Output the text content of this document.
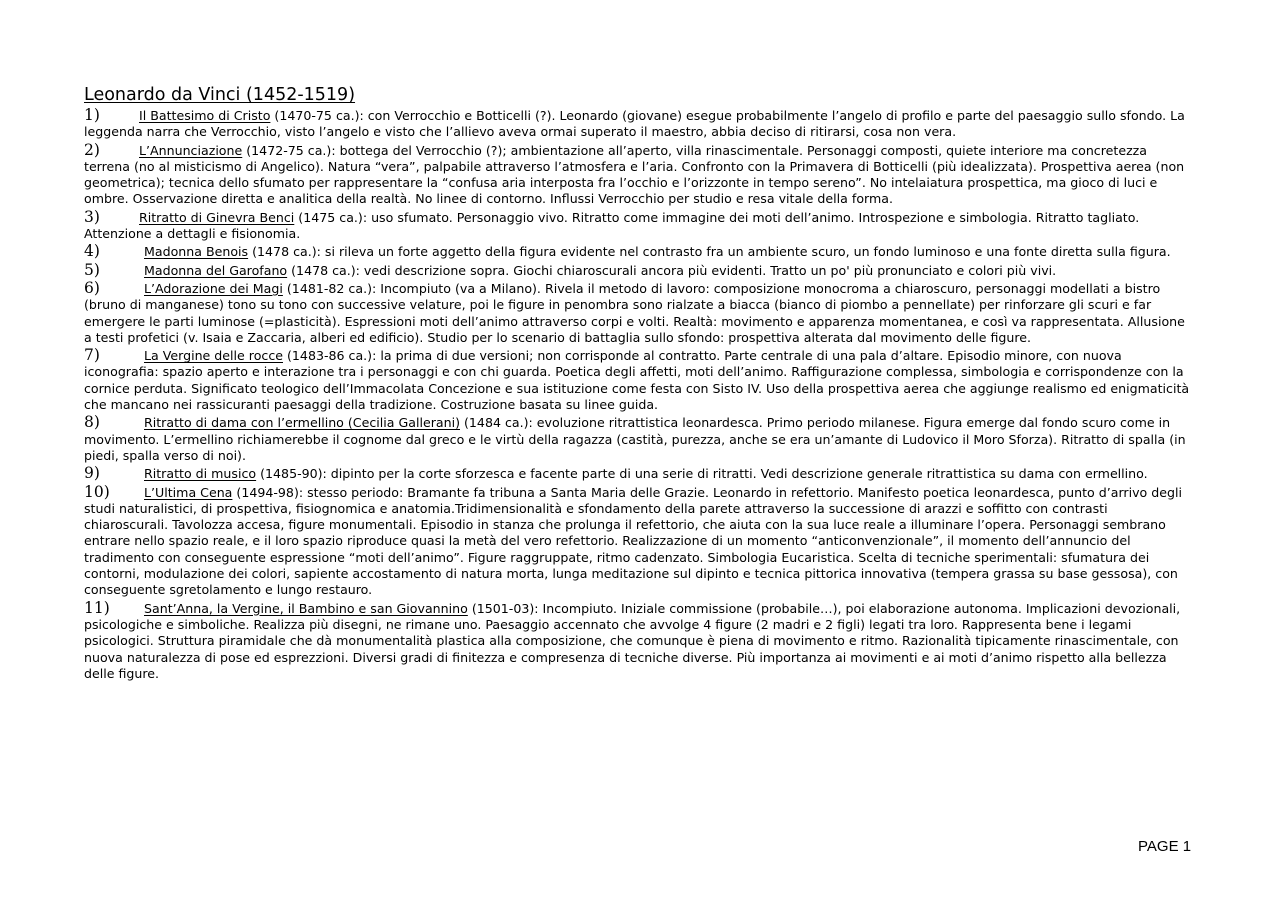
Leonardo da Vinci (1452-1519)

1)	Il Battesimo di Cristo (1470-75 ca.): con Verrocchio e Botticelli (?). Leonardo (giovane) esegue probabilmente l’angelo di profilo e parte del paesaggio sullo sfondo. La leggenda narra che Verrocchio, visto l’angelo e visto che l’allievo aveva ormai superato il maestro, abbia deciso di ritirarsi, cosa non vera.

2)	L’Annunciazione (1472-75 ca.): bottega del Verrocchio (?); ambientazione all’aperto, villa rinascimentale. Personaggi composti, quiete interiore ma concretezza terrena (no al misticismo di Angelico). Natura “vera”, palpabile attraverso l’atmosfera e l’aria. Confronto con la Primavera di Botticelli (più idealizzata). Prospettiva aerea (non geometrica); tecnica dello sfumato per rappresentare la “confusa aria interposta fra l’occhio e l’orizzonte in tempo sereno”. No intelaiatura prospettica, ma gioco di luci e ombre. Osservazione diretta e analitica della realtà. No linee di contorno. Influssi Verrocchio per studio e resa vitale della forma.

3)	Ritratto di Ginevra Benci (1475 ca.): uso sfumato. Personaggio vivo. Ritratto come immagine dei moti dell’animo. Introspezione e simbologia. Ritratto tagliato. Attenzione a dettagli e fisionomia.

4)	Madonna Benois (1478 ca.): si rileva un forte aggetto della figura evidente nel contrasto fra un ambiente scuro, un fondo luminoso e una fonte diretta sulla figura.

5)	Madonna del Garofano (1478 ca.): vedi descrizione sopra. Giochi chiaroscurali ancora più evidenti. Tratto un po' più pronunciato e colori più vivi.

6)	L’Adorazione dei Magi (1481-82 ca.): Incompiuto (va a Milano). Rivela il metodo di lavoro: composizione monocroma a chiaroscuro, personaggi modellati a bistro (bruno di manganese) tono su tono con successive velature, poi le figure in penombra sono rialzate a biacca (bianco di piombo a pennellate) per rinforzare gli scuri e far emergere le parti luminose (=plasticità). Espressioni moti dell’animo attraverso corpi e volti. Realtà: movimento e apparenza momentanea, e così va rappresentata. Allusione a testi profetici (v. Isaia e Zaccaria, alberi ed edificio). Studio per lo scenario di battaglia sullo sfondo: prospettiva alterata dal movimento delle figure.

7)	La Vergine delle rocce (1483-86 ca.): la prima di due versioni; non corrisponde al contratto. Parte centrale di una pala d’altare. Episodio minore, con nuova iconografia: spazio aperto e interazione tra i personaggi e con chi guarda. Poetica degli affetti, moti dell’animo. Raffigurazione complessa, simbologia e corrispondenze con la cornice perduta. Significato teologico dell’Immacolata Concezione e sua istituzione come festa con Sisto IV. Uso della prospettiva aerea che aggiunge realismo ed enigmaticità che mancano nei rassicuranti paesaggi della tradizione. Costruzione basata su linee guida.

8)	Ritratto di dama con l’ermellino (Cecilia Gallerani) (1484 ca.): evoluzione ritrattistica leonardesca. Primo periodo milanese. Figura emerge dal fondo scuro come in movimento. L’ermellino richiamerebbe il cognome dal greco e le virtù della ragazza (castità, purezza, anche se era un’amante di Ludovico il Moro Sforza). Ritratto di spalla (in piedi, spalla verso di noi).

9)	Ritratto di musico (1485-90): dipinto per la corte sforzesca e facente parte di una serie di ritratti. Vedi descrizione generale ritrattistica su dama con ermellino.

10)	L’Ultima Cena (1494-98): stesso periodo: Bramante fa tribuna a Santa Maria delle Grazie. Leonardo in refettorio. Manifesto poetica leonardesca, punto d’arrivo degli studi naturalistici, di prospettiva, fisiognomica e anatomia.Tridimensionalità e sfondamento della parete attraverso la successione di arazzi e soffitto con contrasti chiaroscurali. Tavolozza accesa, figure monumentali. Episodio in stanza che prolunga il refettorio, che aiuta con la sua luce reale a illuminare l’opera. Personaggi sembrano entrare nello spazio reale, e il loro spazio riproduce quasi la metà del vero refettorio. Realizzazione di un momento “anticonvenzionale”, il momento dell’annuncio del tradimento con conseguente espressione “moti dell’animo”. Figure raggruppate, ritmo cadenzato. Simbologia Eucaristica. Scelta di tecniche sperimentali: sfumatura dei contorni, modulazione dei colori, sapiente accostamento di natura morta, lunga meditazione sul dipinto e tecnica pittorica innovativa (tempera grassa su base gessosa), con conseguente sgretolamento e lungo restauro.

11)	Sant’Anna, la Vergine, il Bambino e san Giovannino (1501-03): Incompiuto. Iniziale commissione (probabile…), poi elaborazione autonoma. Implicazioni devozionali, psicologiche e simboliche. Realizza più disegni, ne rimane uno. Paesaggio accennato che avvolge 4 figure (2 madri e 2 figli) legati tra loro. Rappresenta bene i legami psicologici. Struttura piramidale che dà monumentalità plastica alla composizione, che comunque è piena di movimento e ritmo. Razionalità tipicamente rinascimentale, con nuova naturalezza di pose ed esprezzioni. Diversi gradi di finitezza e compresenza di tecniche diverse. Più importanza ai movimenti e ai moti d’animo rispetto alla bellezza delle figure.

PAGE 1
